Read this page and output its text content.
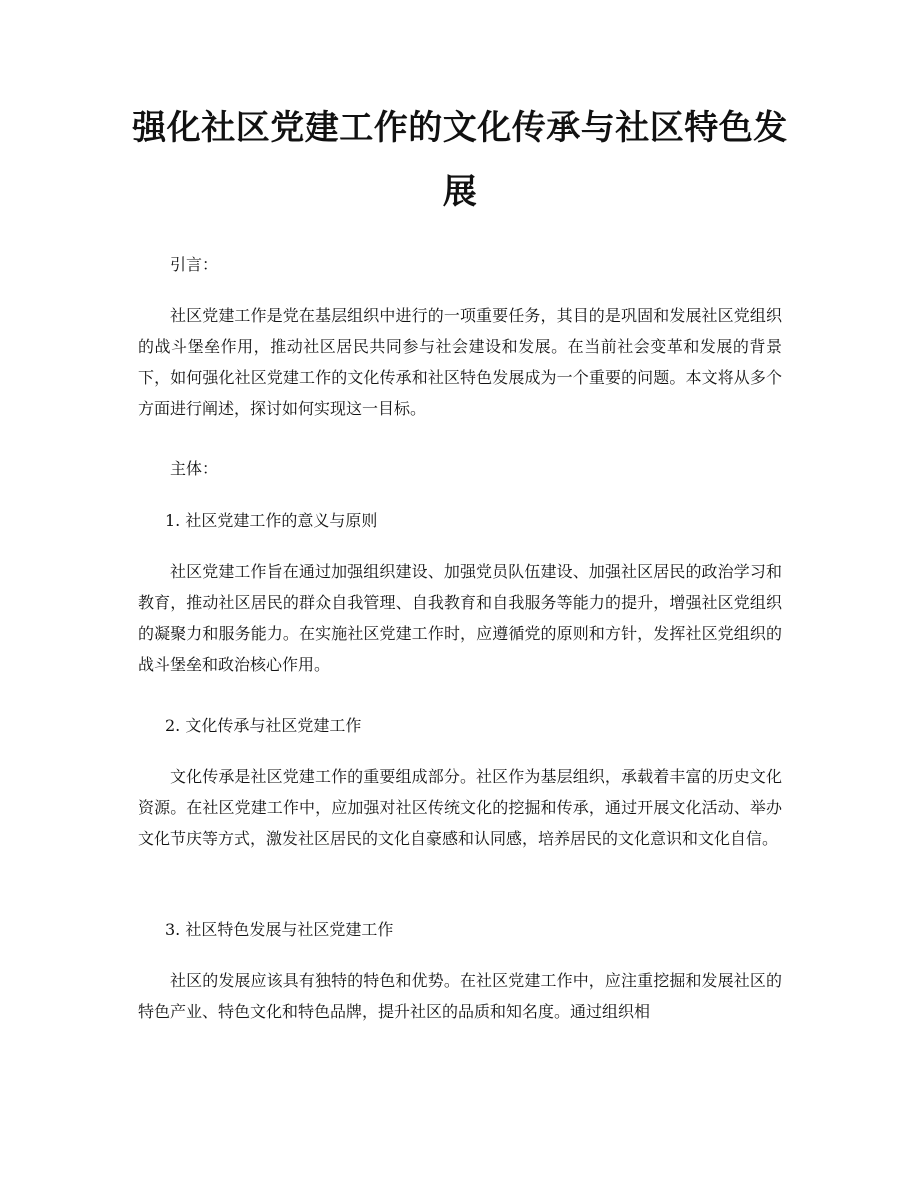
强化社区党建工作的文化传承与社区特色发展

引言：

社区党建工作是党在基层组织中进行的一项重要任务，其目的是巩固和发展社区党组织的战斗堡垒作用，推动社区居民共同参与社会建设和发展。在当前社会变革和发展的背景下，如何强化社区党建工作的文化传承和社区特色发展成为一个重要的问题。本文将从多个方面进行阐述，探讨如何实现这一目标。

主体：

1. 社区党建工作的意义与原则

社区党建工作旨在通过加强组织建设、加强党员队伍建设、加强社区居民的政治学习和教育，推动社区居民的群众自我管理、自我教育和自我服务等能力的提升，增强社区党组织的凝聚力和服务能力。在实施社区党建工作时，应遵循党的原则和方针，发挥社区党组织的战斗堡垒和政治核心作用。

2. 文化传承与社区党建工作

文化传承是社区党建工作的重要组成部分。社区作为基层组织，承载着丰富的历史文化资源。在社区党建工作中，应加强对社区传统文化的挖掘和传承，通过开展文化活动、举办文化节庆等方式，激发社区居民的文化自豪感和认同感，培养居民的文化意识和文化自信。

3. 社区特色发展与社区党建工作

社区的发展应该具有独特的特色和优势。在社区党建工作中，应注重挖掘和发展社区的特色产业、特色文化和特色品牌，提升社区的品质和知名度。通过组织相
